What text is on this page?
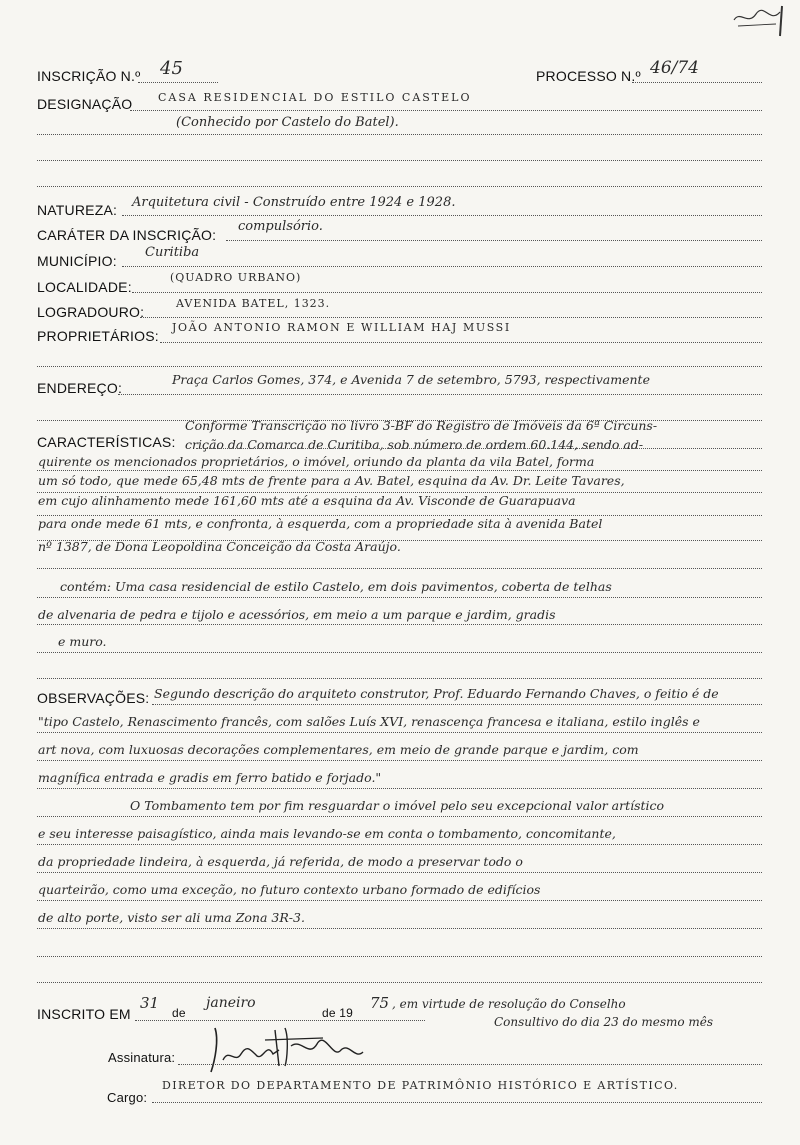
INSCRIÇÃO N.º 45	PROCESSO N.º 46/74
DESIGNAÇÃO CASA RESIDENCIAL DO ESTILO CASTELO
(Conhecido por Castelo do Batel).
NATUREZA: Arquitetura civil - Construído entre 1924 e 1928.
CARÁTER DA INSCRIÇÃO:
compulsório.
MUNICÍPIO:
Curitiba
LOCALIDADE:
(QUADRO URBANO)
LOGRADOURO:
AVENIDA BATEL, 1323.
PROPRIETÁRIOS:
JOÃO ANTONIO RAMON E WILLIAM HAJ MUSSI
ENDEREÇO:
Praça Carlos Gomes, 374, e Avenida 7 de setembro, 5793, respectivamente
CARACTERÍSTICAS:
Conforme Transcrição no livro 3-BF do Registro de Imóveis da 6ª Circuns-
crição da Comarca de Curitiba, sob número de ordem 60.144, sendo ad-
quirente os mencionados proprietários, o imóvel, oriundo da planta da vila Batel, forma
um só todo, que mede 65,48 mts de frente para a Av. Batel, esquina da Av. Dr. Leite Tavares,
em cujo alinhamento mede 161,60 mts até a esquina da Av. Visconde de Guarapuava
para onde mede 61 mts, e confronta, à esquerda, com a propriedade sita à avenida Batel
nº 1387, de Dona Leopoldina Conceição da Costa Araújo.
contém: Uma casa residencial de estilo Castelo, em dois pavimentos, coberta de telhas
de alvenaria de pedra e tijolo e acessórios, em meio a um parque e jardim, gradis
e muro.
OBSERVAÇÕES: Segundo descrição do arquiteto construtor, Prof. Eduardo Fernando Chaves, o feitio é de
"tipo Castelo, Renascimento francês, com salões Luís XVI, renascença francesa e italiana, estilo inglês e
art nova, com luxuosas decorações complementares, em meio de grande parque e jardim, com
magnífica entrada e gradis em ferro batido e forjado."
O Tombamento tem por fim resguardar o imóvel pelo seu excepcional valor artístico
e seu interesse paisagístico, ainda mais levando-se em conta o tombamento, concomitante,
da propriedade lindeira, à esquerda, já referida, de modo a preservar todo o
quarteirão, como uma exceção, no futuro contexto urbano formado de edifícios
de alto porte, visto ser ali uma Zona 3R-3.
INSCRITO EM
31
de
janeiro
de 19
75 , em virtude de resolução do Conselho
Consultivo do dia 23 do mesmo mês
Assinatura:
Cargo:
DIRETOR DO DEPARTAMENTO DE PATRIMÔNIO HISTÓRICO E ARTÍSTICO.
